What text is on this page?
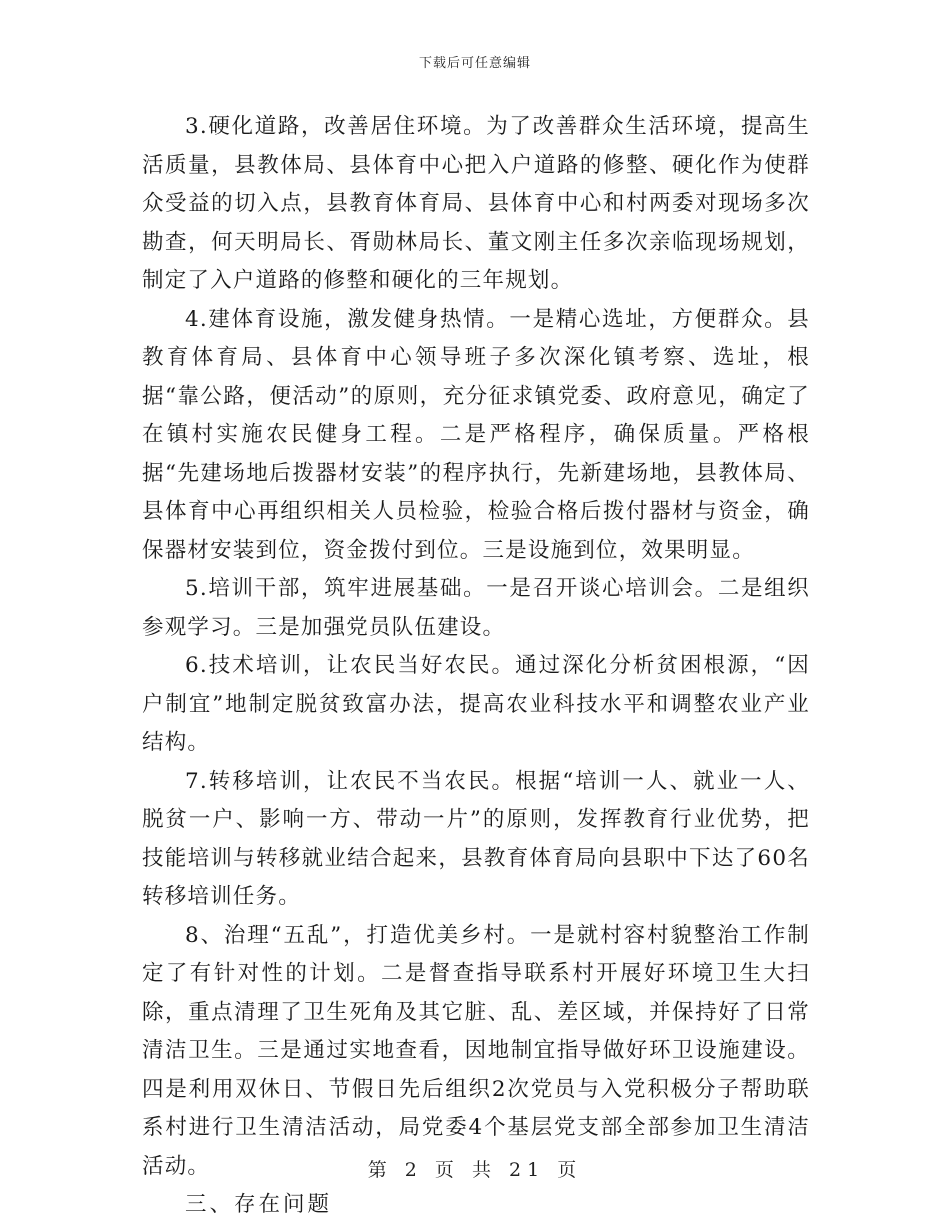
下载后可任意编辑

3.硬化道路，改善居住环境。为了改善群众生活环境，提高生活质量，县教体局、县体育中心把入户道路的修整、硬化作为使群众受益的切入点，县教育体育局、县体育中心和村两委对现场多次勘查，何天明局长、胥勋林局长、董文刚主任多次亲临现场规划，制定了入户道路的修整和硬化的三年规划。

4.建体育设施，激发健身热情。一是精心选址，方便群众。县教育体育局、县体育中心领导班子多次深化镇考察、选址，根据“靠公路，便活动”的原则，充分征求镇党委、政府意见，确定了在镇村实施农民健身工程。二是严格程序，确保质量。严格根据“先建场地后拨器材安装”的程序执行，先新建场地，县教体局、县体育中心再组织相关人员检验，检验合格后拨付器材与资金，确保器材安装到位，资金拨付到位。三是设施到位，效果明显。

5.培训干部，筑牢进展基础。一是召开谈心培训会。二是组织参观学习。三是加强党员队伍建设。

6.技术培训，让农民当好农民。通过深化分析贫困根源，“因户制宜”地制定脱贫致富办法，提高农业科技水平和调整农业产业结构。

7.转移培训，让农民不当农民。根据“培训一人、就业一人、脱贫一户、影响一方、带动一片”的原则，发挥教育行业优势，把技能培训与转移就业结合起来，县教育体育局向县职中下达了60名转移培训任务。

8、治理“五乱”，打造优美乡村。一是就村容村貌整治工作制定了有针对性的计划。二是督查指导联系村开展好环境卫生大扫除，重点清理了卫生死角及其它脏、乱、差区域，并保持好了日常清洁卫生。三是通过实地查看，因地制宜指导做好环卫设施建设。四是利用双休日、节假日先后组织2次党员与入党积极分子帮助联系村进行卫生清洁活动，局党委4个基层党支部全部参加卫生清洁活动。

三、存在问题

第 2 页 共 21 页
